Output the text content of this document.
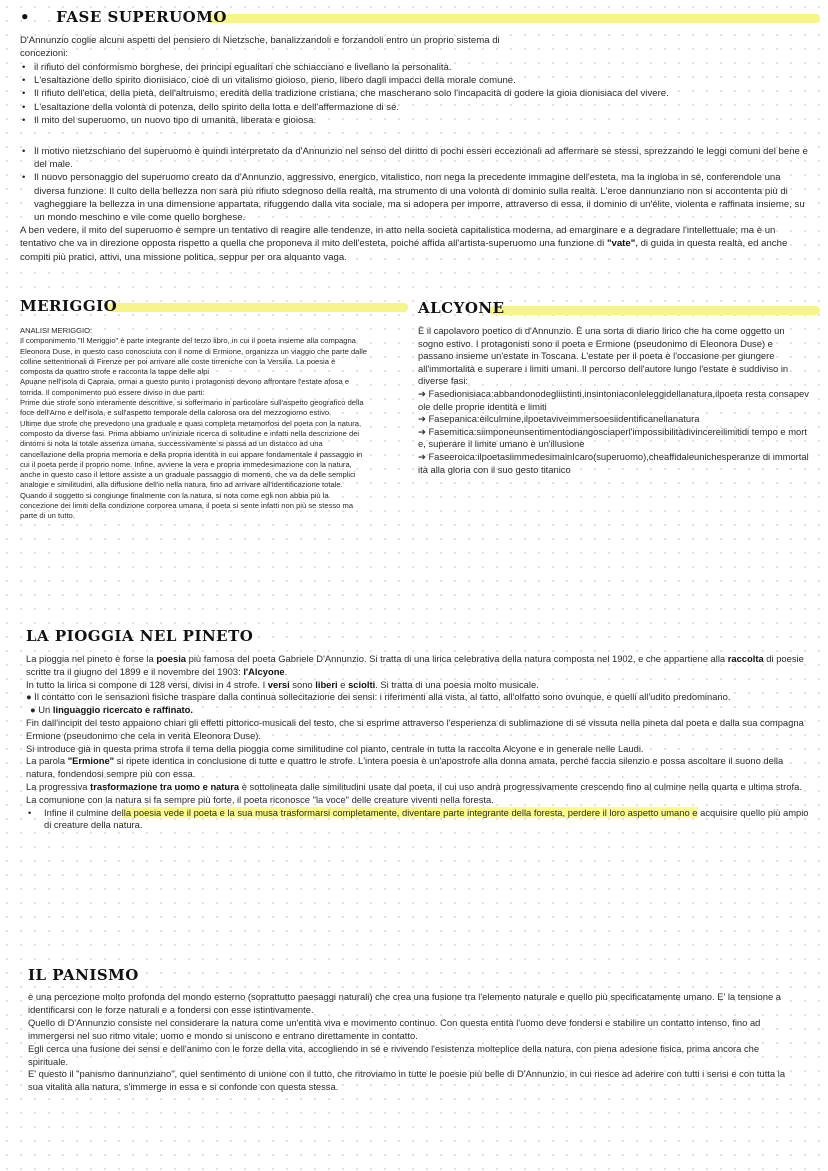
• FASE SUPERUOMO

D'Annunzio coglie alcuni aspetti del pensiero di Nietzsche, banalizzandoli e forzandoli entro un proprio sistema di concezioni:

• il rifiuto del conformismo borghese, dei principi egualitari che schiacciano e livellano la personalità.
• L'esaltazione dello spirito dionisiaco, cioè di un vitalismo gioioso, pieno, libero dagli impacci della morale comune.
• Il rifiuto dell'etica, della pietà, dell'altruismo, eredità della tradizione cristiana, che mascherano solo l'incapacità di godere la gioia dionisiaca del vivere.
• L'esaltazione della volontà di potenza, dello spirito della lotta e dell'affermazione di sé.
• Il mito del superuomo, un nuovo tipo di umanità, liberata e gioiosa.
• Il motivo nietzschiano del superuomo è quindi interpretato da d'Annunzio nel senso del diritto di pochi esseri eccezionali ad affermare se stessi, sprezzando le leggi comuni del bene e del male.
• Il nuovo personaggio del superuomo creato da d'Annunzio, aggressivo, energico, vitalistico, non nega la precedente immagine dell'esteta, ma la ingloba in sé, conferendole una diversa funzione. Il culto della bellezza non sarà più rifiuto sdegnoso della realtà, ma strumento di una volontà di dominio sulla realtà. L'eroe dannunziano non si accontenta più di vagheggiare la bellezza in una dimensione appartata, rifuggendo dalla vita sociale, ma si adopera per imporre, attraverso di essa, il dominio di un'élite, violenta e raffinata insieme, su un mondo meschino e vile come quello borghese.

A ben vedere, il mito del superuomo è sempre un tentativo di reagire alle tendenze, in atto nella società capitalistica moderna, ad emarginare e a degradare l'intellettuale; ma è un tentativo che va in direzione opposta rispetto a quella che proponeva il mito dell'esteta, poiché affida all'artista-superuomo una funzione di "vate", di guida in questa realtà, ed anche compiti più pratici, attivi, una missione politica, seppur per ora alquanto vaga.

MERIGGIO

ANALISI MERIGGIO:
Il componimento "Il Meriggio" è parte integrante del terzo libro, in cui il poeta insieme alla compagna Eleonora Duse, in questo caso conosciuta con il nome di Ermione, organizza un viaggio che parte dalle colline settentrionali di Firenze per poi arrivare alle coste tirreniche con la Versilia. La poesia è composta da quattro strofe e racconta la tappe delle alpi
Apuane nell'isola di Capraia, ormai a questo punto i protagonisti devono affrontare l'estate afosa e torrida. Il componimento può essere diviso in due parti:
Prime due strofe sono interamente descrittive, si soffermano in particolare sull'aspetto geografico della foce dell'Arno e dell'isola, e sull'aspetto temporale della calorosa ora del mezzogiorno estivo.
Ultime due strofe che prevedono una graduale e quasi completa metamorfosi del poeta con la natura, composto da diverse fasi. Prima abbiamo un'iniziale ricerca di solitudine e infatti nella descrizione dei dintorni si nota la totale assenza umana, successivamente si passa ad un distacco ad una cancellazione della propria memoria e della propria identità in cui appare fondamentale il passaggio in cui il poeta perde il proprio nome. Infine, avviene la vera e propria immedesimazione con la natura, anche in questo caso il lettore assiste a un graduale passaggio di momenti, che va da delle semplici analogie e similitudini, alla diffusione dell'io nella natura, fino ad arrivare all'identificazione totale.
Quando il soggetto si congiunge finalmente con la natura, si nota come egli non abbia più la concezione dei limiti della condizione corporea umana, il poeta si sente infatti non più se stesso ma parte di un tutto.

ALCYONE

È il capolavoro poetico di d'Annunzio. È una sorta di diario lirico che ha come oggetto un sogno estivo. I protagonisti sono il poeta e Ermione (pseudonimo di Eleonora Duse) e passano insieme un'estate in Toscana. L'estate per il poeta è l'occasione per giungere all'immortalità e superare i limiti umani. Il percorso dell'autore lungo l'estate è suddiviso in diverse fasi:

➔ Fasedionisiaca:abbandonodegliistinti,insintoniaconleleggidellanatura,ilpoeta resta consapevole delle proprie identità e limiti

➔ Fasepanica:èilculmine,ilpoetaviveimmersoesiidentificanellanatura

➔ Fasemitica:siimponeunsentimentodiangosciaperl'impossibilitàdivincereilimitidi tempo e morte, superare il limite umano è un'illusione

➔ Faseeroica:ilpoetasiimmedesimainIcaro(superuomo),cheaffidaleunichesperanze di immortalità alla gloria con il suo gesto titanico

LA PIOGGIA NEL PINETO

La pioggia nel pineto è forse la poesia più famosa del poeta Gabriele D'Annunzio. Si tratta di una lirica celebrativa della natura composta nel 1902, e che appartiene alla raccolta di poesie scritte tra il giugno del 1899 e il novembre del 1903: l'Alcyone.

In tutto la lirica si compone di 128 versi, divisi in 4 strofe. I versi sono liberi e sciolti. Si tratta di una poesia molto musicale.

● Il contatto con le sensazioni fisiche traspare dalla continua sollecitazione dei sensi: i riferimenti alla vista, al tatto, all'olfatto sono ovunque, e quelli all'udito predominano.

● Un linguaggio ricercato e raffinato.

Fin dall'incipit del testo appaiono chiari gli effetti pittorico-musicali del testo, che si esprime attraverso l'esperienza di sublimazione di sé vissuta nella pineta dal poeta e dalla sua compagna Ermione (pseudonimo che cela in verità Eleonora Duse).

Si introduce già in questa prima strofa il tema della pioggia come similitudine col pianto, centrale in tutta la raccolta Alcyone e in generale nelle Laudi.

La parola "Ermione" si ripete identica in conclusione di tutte e quattro le strofe. L'intera poesia è un'apostrofe alla donna amata, perché faccia silenzio e possa ascoltare il suono della natura, fondendosi sempre più con essa.

La progressiva trasformazione tra uomo e natura è sottolineata dalle similitudini usate dal poeta, il cui uso andrà progressivamente crescendo fino al culmine nella quarta e ultima strofa.

La comunione con la natura si fa sempre più forte, il poeta riconosce "la voce" delle creature viventi nella foresta.

• Infine il culmine della poesia vede il poeta e la sua musa trasformarsi completamente, diventare parte integrante della foresta, perdere il loro aspetto umano e acquisire quello più ampio di creature della natura.
IL PANISMO

è una percezione molto profonda del mondo esterno (soprattutto paesaggi naturali) che crea una fusione tra l'elemento naturale e quello più specificatamente umano. E' la tensione a identificarsi con le forze naturali e a fondersi con esse istintivamente.

Quello di D'Annunzio consiste nel considerare la natura come un'entità viva e movimento continuo. Con questa entità l'uomo deve fondersi e stabilire un contatto intenso, fino ad immergersi nel suo ritmo vitale; uomo e mondo si uniscono e entrano direttamente in contatto.

Egli cerca una fusione dei sensi e dell'animo con le forze della vita, accogliendo in sé e rivivendo l'esistenza molteplice della natura, con piena adesione fisica, prima ancora che spirituale.

E' questo il "panismo dannunziano", quel sentimento di unione con il tutto, che ritroviamo in tutte le poesie più belle di D'Annunzio, in cui riesce ad aderire con tutti i sensi e con tutta la sua vitalità alla natura, s'immerge in essa e si confonde con questa stessa.
